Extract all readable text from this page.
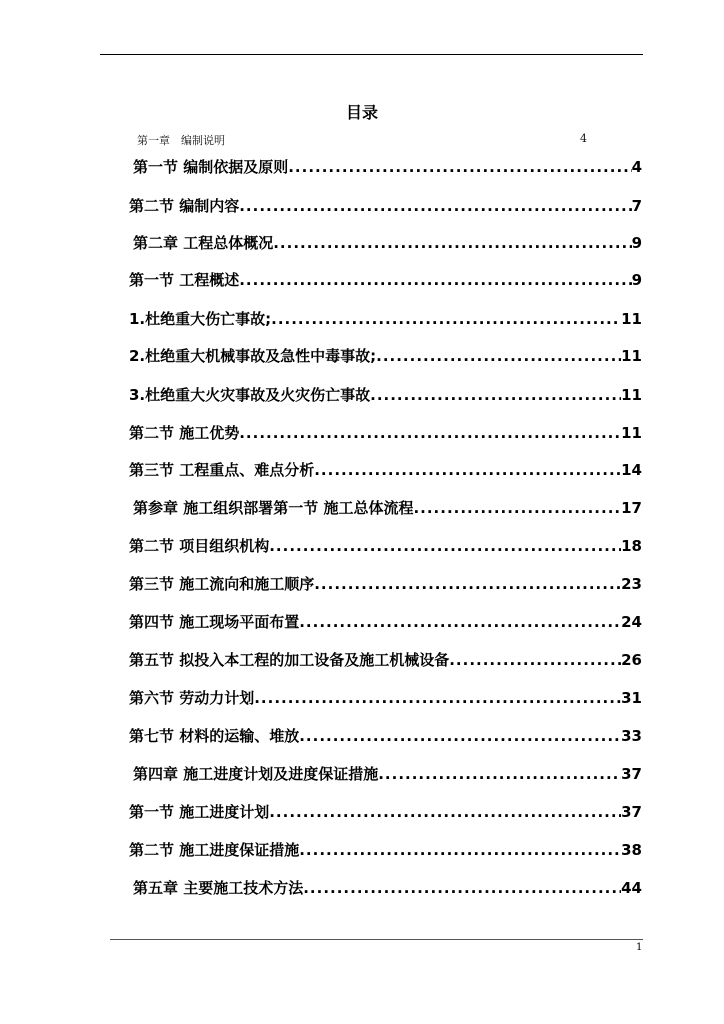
目录
第一章　编制说明	4
第一节 编制依据及原则 .....	4
第二节 编制内容 .....	7
第二章 工程总体概况 .....	9
第一节 工程概述 .....	9
1.杜绝重大伤亡事故; .....	11
2.杜绝重大机械事故及急性中毒事故; .....	11
3.杜绝重大火灾事故及火灾伤亡事故 .....	11
第二节 施工优势 .....	11
第三节 工程重点、难点分析 .....	14
第参章 施工组织部署第一节 施工总体流程 .....	17
第二节 项目组织机构 .....	18
第三节 施工流向和施工顺序 .....	23
第四节 施工现场平面布置 .....	24
第五节 拟投入本工程的加工设备及施工机械设备 .....	26
第六节 劳动力计划 .....	31
第七节 材料的运输、堆放 .....	33
第四章 施工进度计划及进度保证措施 .....	37
第一节 施工进度计划 .....	37
第二节 施工进度保证措施 .....	38
第五章 主要施工技术方法 .....	44
1
